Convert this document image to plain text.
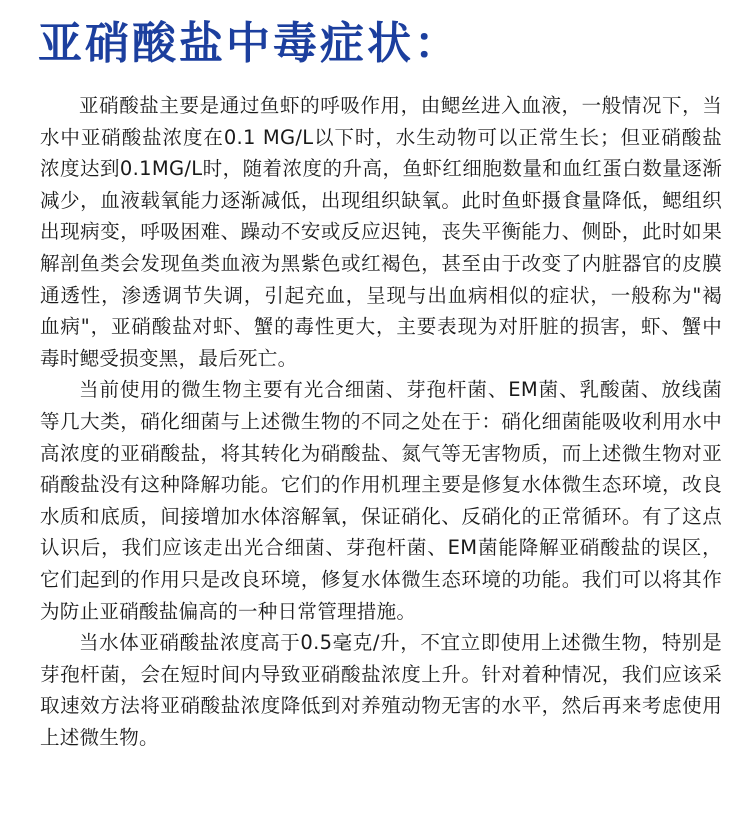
亚硝酸盐中毒症状：

亚硝酸盐主要是通过鱼虾的呼吸作用，由鳃丝进入血液，一般情况下，当水中亚硝酸盐浓度在0.1 MG/L以下时，水生动物可以正常生长；但亚硝酸盐浓度达到0.1MG/L时，随着浓度的升高，鱼虾红细胞数量和血红蛋白数量逐渐减少，血液载氧能力逐渐减低，出现组织缺氧。此时鱼虾摄食量降低，鳃组织出现病变，呼吸困难、躁动不安或反应迟钝，丧失平衡能力、侧卧，此时如果解剖鱼类会发现鱼类血液为黑紫色或红褐色，甚至由于改变了内脏器官的皮膜通透性，渗透调节失调，引起充血，呈现与出血病相似的症状，一般称为"褐血病"，亚硝酸盐对虾、蟹的毒性更大，主要表现为对肝脏的损害，虾、蟹中毒时鳃受损变黑，最后死亡。

当前使用的微生物主要有光合细菌、芽孢杆菌、EM菌、乳酸菌、放线菌等几大类，硝化细菌与上述微生物的不同之处在于：硝化细菌能吸收利用水中高浓度的亚硝酸盐，将其转化为硝酸盐、氮气等无害物质，而上述微生物对亚硝酸盐没有这种降解功能。它们的作用机理主要是修复水体微生态环境，改良水质和底质，间接增加水体溶解氧，保证硝化、反硝化的正常循环。有了这点认识后，我们应该走出光合细菌、芽孢杆菌、EM菌能降解亚硝酸盐的误区，它们起到的作用只是改良环境，修复水体微生态环境的功能。我们可以将其作为防止亚硝酸盐偏高的一种日常管理措施。

当水体亚硝酸盐浓度高于0.5毫克/升，不宜立即使用上述微生物，特别是芽孢杆菌，会在短时间内导致亚硝酸盐浓度上升。针对着种情况，我们应该采取速效方法将亚硝酸盐浓度降低到对养殖动物无害的水平，然后再来考虑使用上述微生物。
